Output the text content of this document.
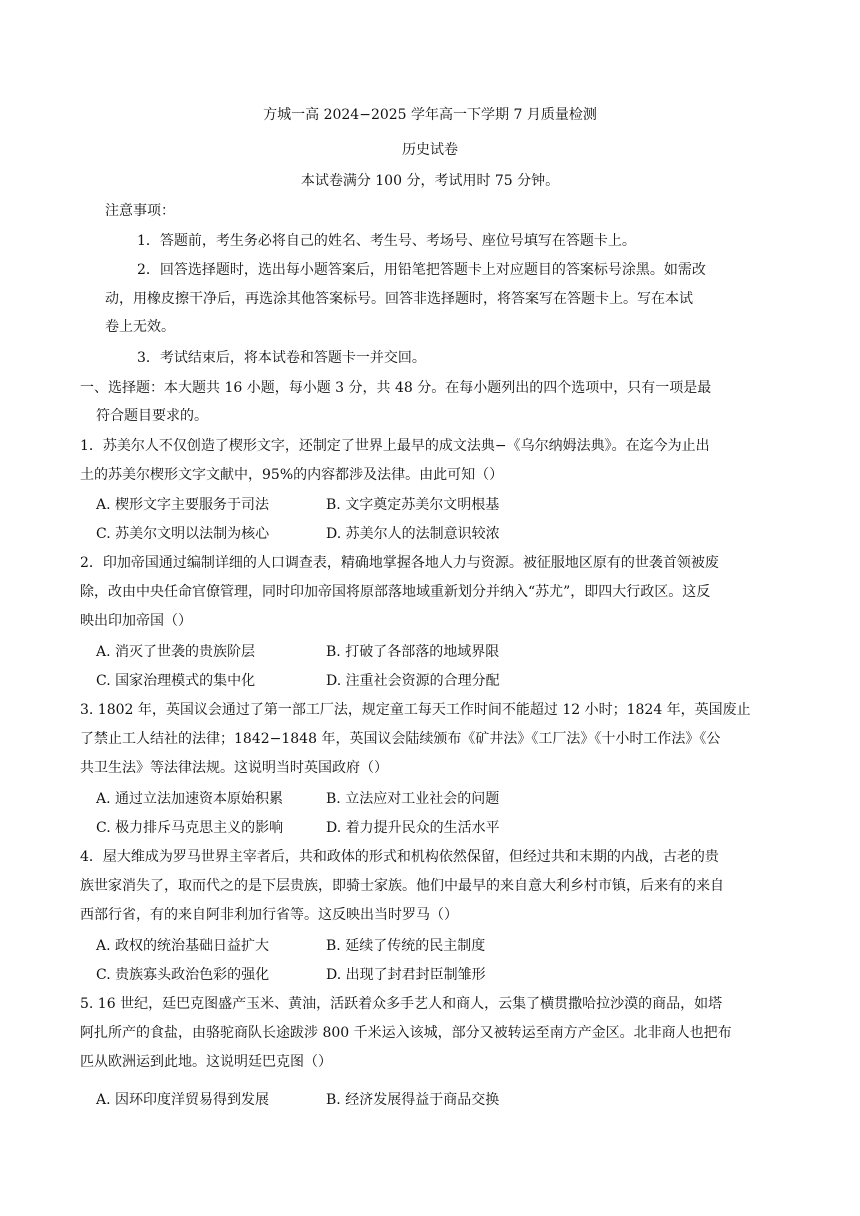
方城一高 2024−2025 学年高一下学期 7 月质量检测
历史试卷
本试卷满分 100 分，考试用时 75 分钟。
注意事项：
1．答题前，考生务必将自己的姓名、考生号、考场号、座位号填写在答题卡上。
2．回答选择题时，选出每小题答案后，用铅笔把答题卡上对应题目的答案标号涂黑。如需改
动，用橡皮擦干净后，再选涂其他答案标号。回答非选择题时，将答案写在答题卡上。写在本试
卷上无效。
3．考试结束后，将本试卷和答题卡一并交回。
一、选择题：本大题共 16 小题，每小题 3 分，共 48 分。在每小题列出的四个选项中，只有一项是最
符合题目要求的。
1．苏美尔人不仅创造了楔形文字，还制定了世界上最早的成文法典−《乌尔纳姆法典》。在迄今为止出
土的苏美尔楔形文字文献中，95%的内容都涉及法律。由此可知（）
A. 楔形文字主要服务于司法	B. 文字奠定苏美尔文明根基
C. 苏美尔文明以法制为核心	D. 苏美尔人的法制意识较浓
2．印加帝国通过编制详细的人口调查表，精确地掌握各地人力与资源。被征服地区原有的世袭首领被废
除，改由中央任命官僚管理，同时印加帝国将原部落地域重新划分并纳入“苏尤”，即四大行政区。这反
映出印加帝国（）
A. 消灭了世袭的贵族阶层	B. 打破了各部落的地域界限
C. 国家治理模式的集中化	D. 注重社会资源的合理分配
3. 1802 年，英国议会通过了第一部工厂法，规定童工每天工作时间不能超过 12 小时；1824 年，英国废止
了禁止工人结社的法律；1842−1848 年，英国议会陆续颁布《矿井法》《工厂法》《十小时工作法》《公
共卫生法》等法律法规。这说明当时英国政府（）
A. 通过立法加速资本原始积累	B. 立法应对工业社会的问题
C. 极力排斥马克思主义的影响	D. 着力提升民众的生活水平
4．屋大维成为罗马世界主宰者后，共和政体的形式和机构依然保留，但经过共和末期的内战，古老的贵
族世家消失了，取而代之的是下层贵族，即骑士家族。他们中最早的来自意大利乡村市镇，后来有的来自
西部行省，有的来自阿非利加行省等。这反映出当时罗马（）
A. 政权的统治基础日益扩大	B. 延续了传统的民主制度
C. 贵族寡头政治色彩的强化	D. 出现了封君封臣制雏形
5. 16 世纪，廷巴克图盛产玉米、黄油，活跃着众多手艺人和商人，云集了横贯撒哈拉沙漠的商品，如塔
阿扎所产的食盐，由骆驼商队长途跋涉 800 千米运入该城，部分又被转运至南方产金区。北非商人也把布
匹从欧洲运到此地。这说明廷巴克图（）
A. 因环印度洋贸易得到发展	B. 经济发展得益于商品交换
